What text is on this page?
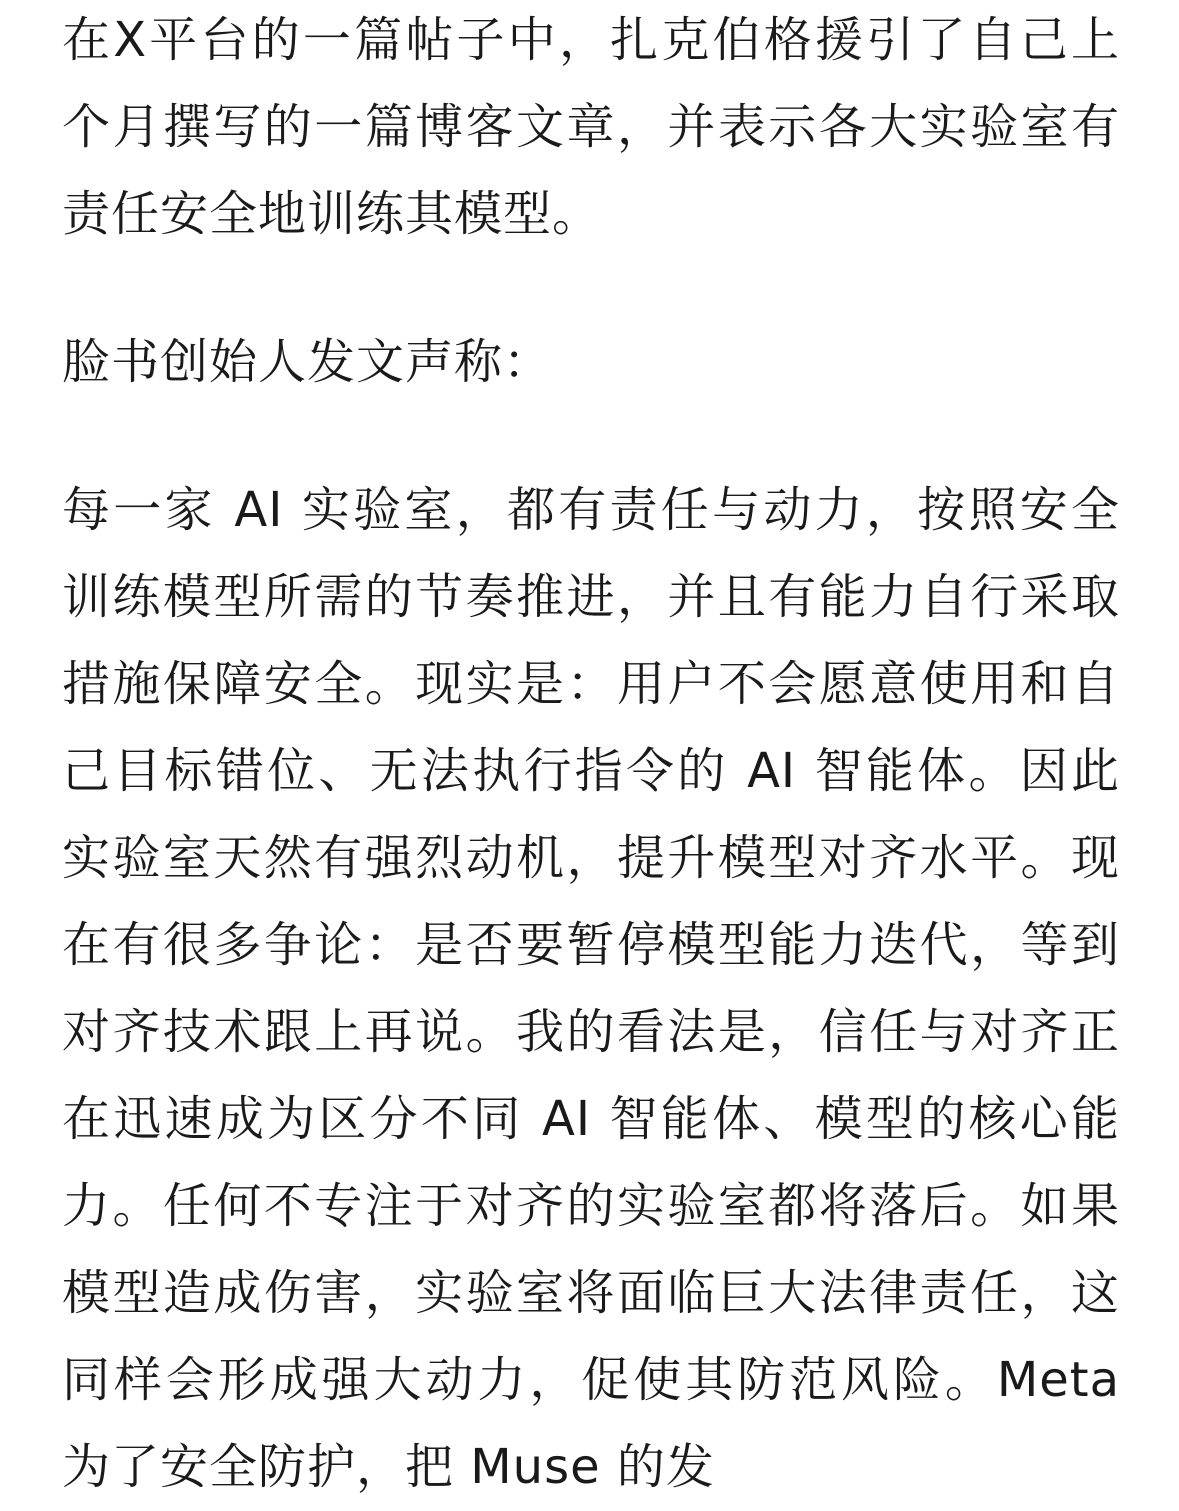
在X平台的一篇帖子中，扎克伯格援引了自己上个月撰写的一篇博客文章，并表示各大实验室有责任安全地训练其模型。

脸书创始人发文声称：

每一家 AI 实验室，都有责任与动力，按照安全训练模型所需的节奏推进，并且有能力自行采取措施保障安全。现实是：用户不会愿意使用和自己目标错位、无法执行指令的 AI 智能体。因此实验室天然有强烈动机，提升模型对齐水平。现在有很多争论：是否要暂停模型能力迭代，等到对齐技术跟上再说。我的看法是，信任与对齐正在迅速成为区分不同 AI 智能体、模型的核心能力。任何不专注于对齐的实验室都将落后。如果模型造成伤害，实验室将面临巨大法律责任，这同样会形成强大动力，促使其防范风险。Meta 为了安全防护，把 Muse 的发
